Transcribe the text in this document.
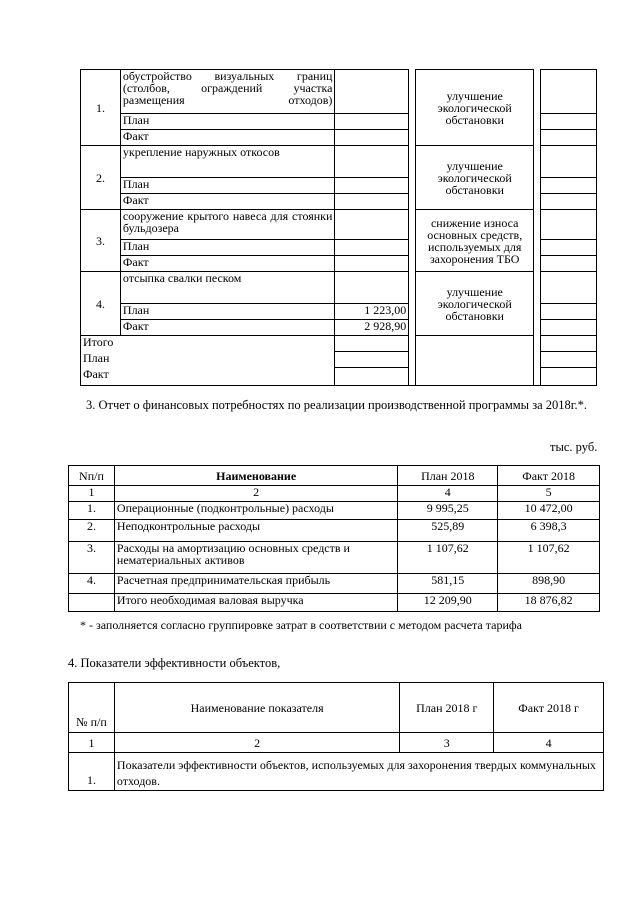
1.	обустройство визуальных границ (столбов, ограждений участка размещения отходов)			улучшение экологической обстановки		
	План					
	Факт					
2.	укрепление наружных откосов			улучшение экологической обстановки		
	План					
	Факт					
3.	сооружение крытого навеса для стоянки бульдозера			снижение износа основных средств, используемых для захоронения ТБО		
	План					
	Факт					
4.	отсыпка свалки песком			улучшение экологической обстановки		
	План	1 223,00				
	Факт	2 928,90				
Итого						
План						
Факт						
3. Отчет о финансовых потребностях по реализации производственной программы за 2018г.*.
тыс. руб.
Nп/п	Наименование	План 2018	Факт 2018
1	2	4	5
1.	Операционные (подконтрольные) расходы	9 995,25	10 472,00
2.	Неподконтрольные расходы	525,89	6 398,3
3.	Расходы на амортизацию основных средств и нематериальных активов	1 107,62	1 107,62
4.	Расчетная предпринимательская прибыль	581,15	898,90
	Итого необходимая валовая выручка	12 209,90	18 876,82
* - заполняется согласно группировке затрат в соответствии с методом расчета тарифа
4. Показатели эффективности объектов,
№ п/п	Наименование показателя	План 2018 г	Факт 2018 г
1	2	3	4
1.	Показатели эффективности объектов, используемых для захоронения твердых коммунальных отходов.		
